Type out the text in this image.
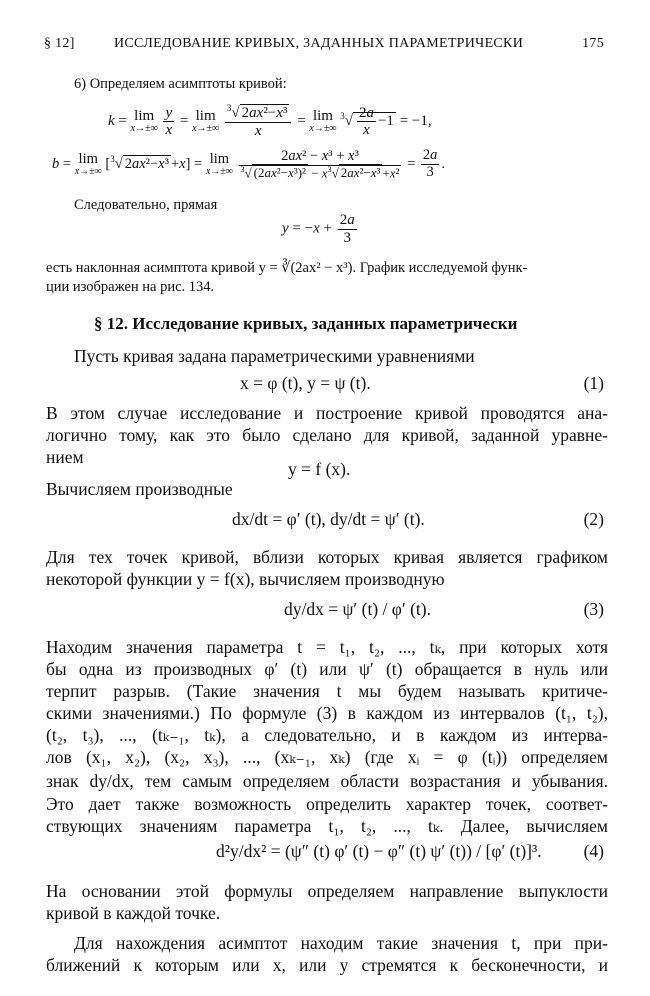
§ 12]	ИССЛЕДОВАНИЕ КРИВЫХ, ЗАДАННЫХ ПАРАМЕТРИЧЕСКИ	175
6) Определяем асимптоты кривой:
k = lim
x→±∞
$\frac{y}{x} = \lim$
x→±∞
$\frac{^3√ 2ax^2-x^3}{x} = \lim$
x→±∞
$^3√ \frac{2a}{x} -1 = -1$,
b = lim
x→±∞ [$^3$√ 2ax²−x³ +x] = lim
x→±∞
$\frac{\text{2ax² − x³ + x³}}{^3√ (2ax^2-x^3)^2 - x^3√ 2ax^2-x^3 +x^2} = \frac{2a}{3}$ .
Следовательно, прямая
$y = -x + \frac{2a}{3}$
есть наклонная асимптота кривой y = ∛(2ax² − x³). График исследуемой функ-
ции изображен на рис. 134.
§ 12. Исследование кривых, заданных параметрически
Пусть кривая задана параметрическими уравнениями
x = φ (t), y = ψ (t).	(1)
В этом случае исследование и построение кривой проводятся ана-
логично тому, как это было сделано для кривой, заданной уравне-
нием
y = f (x).
Вычисляем производные
dx/dt = φ′ (t), dy/dt = ψ′ (t).	(2)
Для тех точек кривой, вблизи которых кривая является графиком
некоторой функции y = f(x), вычисляем производную
dy/dx = ψ′ (t) / φ′ (t).	(3)
Находим значения параметра t = t₁, t₂, ..., tₖ, при которых хотя
бы одна из производных φ′ (t) или ψ′ (t) обращается в нуль или
терпит разрыв. (Такие значения t мы будем называть критиче-
скими значениями.) По формуле (3) в каждом из интервалов (t₁, t₂),
(t₂, t₃), ..., (tₖ₋₁, tₖ), а следовательно, и в каждом из интерва-
лов (x₁, x₂), (x₂, x₃), ..., (xₖ₋₁, xₖ) (где xᵢ = φ (tᵢ)) определяем
знак dy/dx, тем самым определяем области возрастания и убывания.
Это дает также возможность определить характер точек, соответ-
ствующих значениям параметра t₁, t₂, ..., tₖ. Далее, вычисляем
d²y/dx² = (ψ″ (t) φ′ (t) − φ″ (t) ψ′ (t)) / [φ′ (t)]³. (4)
На основании этой формулы определяем направление выпуклости
кривой в каждой точке.
Для нахождения асимптот находим такие значения t, при при-
ближений к которым или x, или y стремятся к бесконечности, и
